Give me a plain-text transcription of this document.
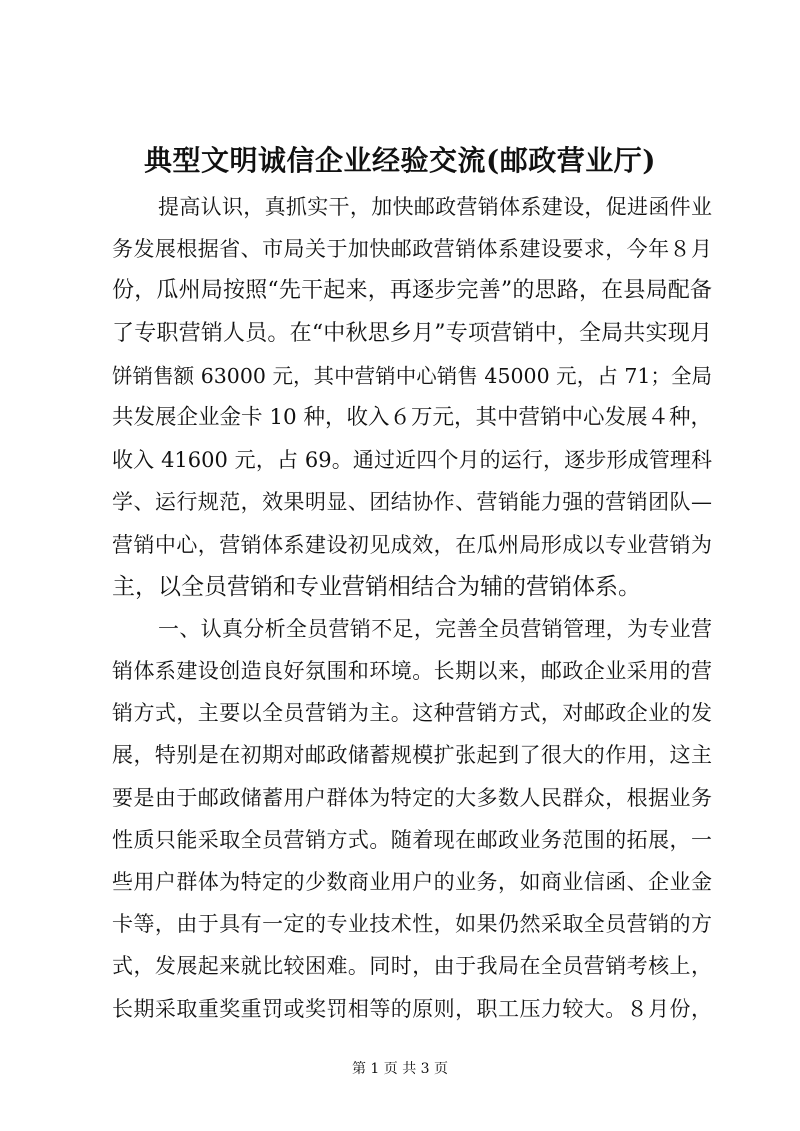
典型文明诚信企业经验交流(邮政营业厅)
提高认识，真抓实干，加快邮政营销体系建设，促进函件业
务发展根据省、市局关于加快邮政营销体系建设要求，今年８月
份，瓜州局按照“先干起来，再逐步完善”的思路，在县局配备
了专职营销人员。在“中秋思乡月”专项营销中，全局共实现月
饼销售额 63000 元，其中营销中心销售 45000 元，占 71；全局
共发展企业金卡 10 种，收入６万元，其中营销中心发展４种，
收入 41600 元，占 69。通过近四个月的运行，逐步形成管理科
学、运行规范，效果明显、团结协作、营销能力强的营销团队—
营销中心，营销体系建设初见成效，在瓜州局形成以专业营销为
主，以全员营销和专业营销相结合为辅的营销体系。
一、认真分析全员营销不足，完善全员营销管理，为专业营
销体系建设创造良好氛围和环境。长期以来，邮政企业采用的营
销方式，主要以全员营销为主。这种营销方式，对邮政企业的发
展，特别是在初期对邮政储蓄规模扩张起到了很大的作用，这主
要是由于邮政储蓄用户群体为特定的大多数人民群众，根据业务
性质只能采取全员营销方式。随着现在邮政业务范围的拓展，一
些用户群体为特定的少数商业用户的业务，如商业信函、企业金
卡等，由于具有一定的专业技术性，如果仍然采取全员营销的方
式，发展起来就比较困难。同时，由于我局在全员营销考核上，
长期采取重奖重罚或奖罚相等的原则，职工压力较大。８月份，
第 1 页 共 3 页
